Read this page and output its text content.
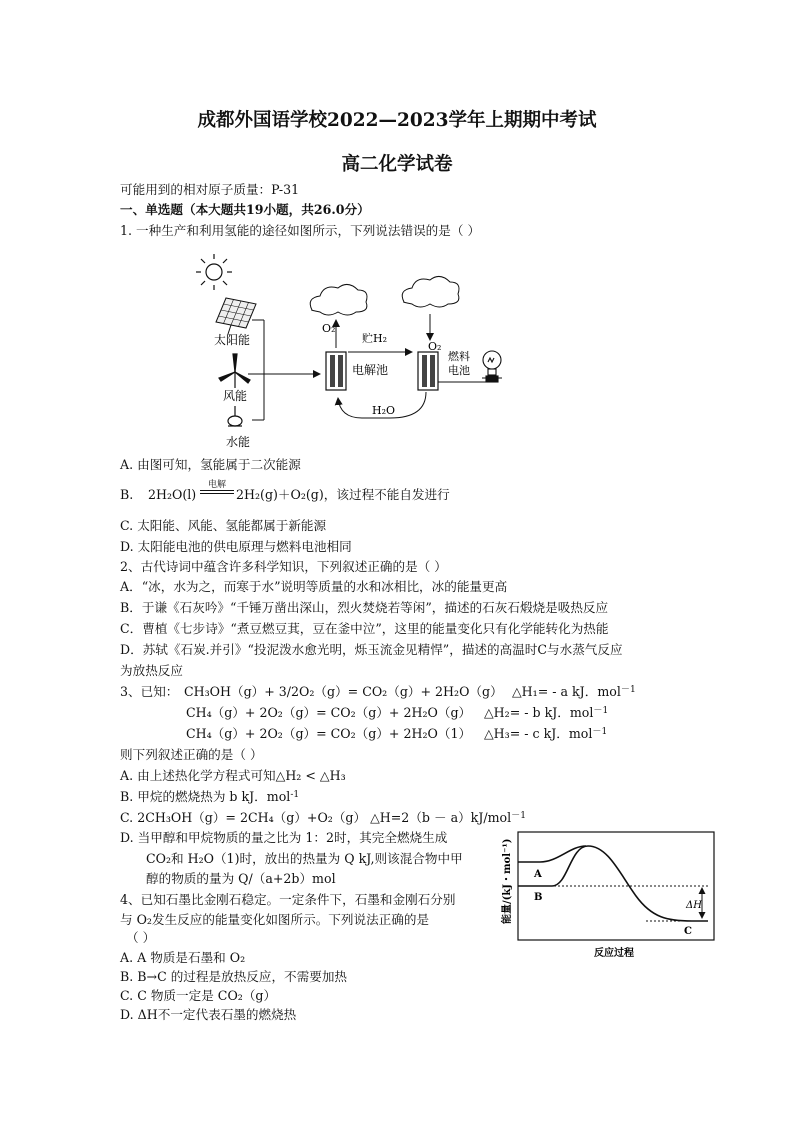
成都外国语学校2022—2023学年上期期中考试
高二化学试卷
可能用到的相对原子质量：P-31
一、单选题（本大题共19小题，共26.0分）
1. 一种生产和利用氢能的途径如图所示，下列说法错误的是（ ）
太阳能
风能
水能
电解池
O₂
贮H₂
O₂
燃料
电池
H₂O
A. 由图可知，氢能属于二次能源
B. 2H₂O(l)
电解
2H₂(g)＋O₂(g)，该过程不能自发进行
C. 太阳能、风能、氢能都属于新能源
D. 太阳能电池的供电原理与燃料电池相同
2、古代诗词中蕴含许多科学知识，下列叙述正确的是（ ）
A．“冰，水为之，而寒于水”说明等质量的水和冰相比，冰的能量更高
B．于谦《石灰吟》“千锤万凿出深山，烈火焚烧若等闲”，描述的石灰石煅烧是吸热反应
C．曹植《七步诗》“煮豆燃豆萁，豆在釜中泣”，这里的能量变化只有化学能转化为热能
D．苏轼《石炭.并引》“投泥泼水愈光明，烁玉流金见精悍”，描述的高温时C与水蒸气反应
为放热反应
3、已知： CH₃OH（g）+ 3/2O₂（g）= CO₂（g）+ 2H₂O（g） △H₁= - a kJ．mol$^{-1}$
CH₄（g）+ 2O₂（g）= CO₂（g）+ 2H₂O（g） △H₂= - b kJ．mol$^{-1}$
CH₄（g）+ 2O₂（g）= CO₂（g）+ 2H₂O（1） △H₃= - c kJ．mol$^{-1}$
则下列叙述正确的是（ ）
A. 由上述热化学方程式可知△H₂ < △H₃
B. 甲烷的燃烧热为 b kJ．mol$^{-1}$
C. 2CH₃OH（g）= 2CH₄（g）+O₂（g） △H=2（b － a）kJ/mol$^{-1}$
D. 当甲醇和甲烷物质的量之比为 1：2时，其完全燃烧生成
CO₂和 H₂O（1)时，放出的热量为 Q kJ,则该混合物中甲
醇的物质的量为 Q/（a+2b）mol
4、已知石墨比金刚石稳定。一定条件下，石墨和金刚石分别
与 O₂发生反应的能量变化如图所示。下列说法正确的是
（ ）
A. A 物质是石墨和 O₂
B. B→C 的过程是放热反应，不需要加热
C. C 物质一定是 CO₂（g）
D. ΔH不一定代表石墨的燃烧热
能量/(kJ・mol⁻¹)
反应过程
A
B
C
ΔH
